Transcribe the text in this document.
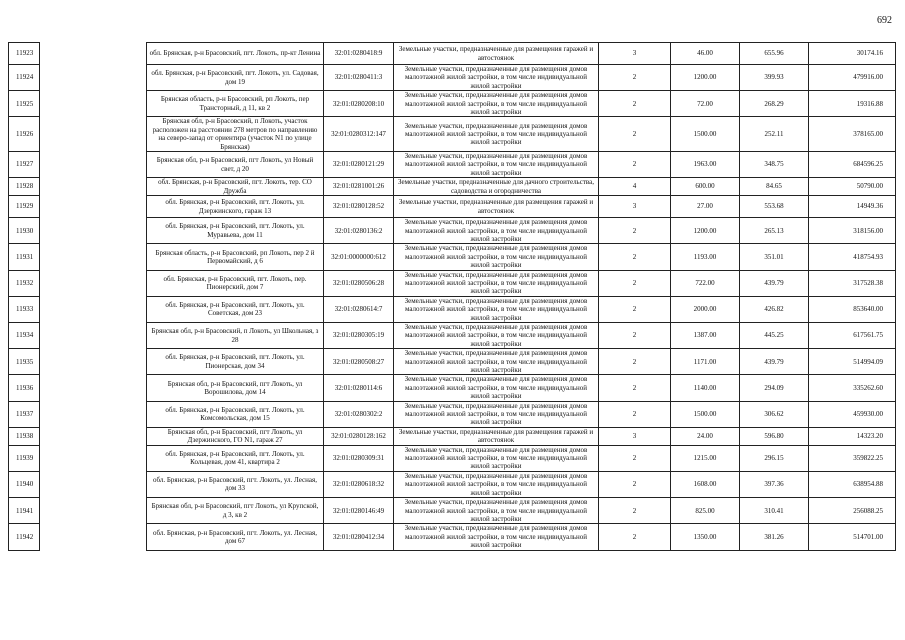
692
11923		обл. Брянская, р-н Брасовский, пгт. Локоть, пр-кт Ленина	32:01:0280418:9	Земельные участки, предназначенные для размещения гаражей и автостоянок	3	46.00	655.96	30174.16
11924		обл. Брянская, р-н Брасовский, пгт. Локоть, ул. Садовая, дом 19	32:01:0280411:3	Земельные участки, предназначенные для размещения домов малоэтажной жилой застройки, в том числе индивидуальной жилой застройки	2	1200.00	399.93	479916.00
11925		Брянская область, р-н Брасовский, рп Локоть, пер Трансторный, д 11, кв 2	32:01:0280208:10	Земельные участки, предназначенные для размещения домов малоэтажной жилой застройки, в том числе индивидуальной жилой застройки	2	72.00	268.29	19316.88
11926		Брянская обл, р-н Брасовский, п Локоть, участок расположен на расстоянии 278 метров по направлению на северо-запад от ориентира (участок N1 по улице Брянская)	32:01:0280312:147	Земельные участки, предназначенные для размещения домов малоэтажной жилой застройки, в том числе индивидуальной жилой застройки	2	1500.00	252.11	378165.00
11927		Брянская обл, р-н Брасовский, пгт Локоть, ул Новый свет, д 20	32:01:0280121:29	Земельные участки, предназначенные для размещения домов малоэтажной жилой застройки, в том числе индивидуальной жилой застройки	2	1963.00	348.75	684596.25
11928		обл. Брянская, р-н Брасовский, пгт. Локоть, тер. СО Дружба	32:01:0281001:26	Земельные участки, предназначенные для дачного строительства, садоводства и огородничества	4	600.00	84.65	50790.00
11929		обл. Брянская, р-н Брасовский, пгт. Локоть, ул. Дзержинского, гараж 13	32:01:0280128:52	Земельные участки, предназначенные для размещения гаражей и автостоянок	3	27.00	553.68	14949.36
11930		обл. Брянская, р-н Брасовский, пгт. Локоть, ул. Муравьева, дом 11	32:01:0280136:2	Земельные участки, предназначенные для размещения домов малоэтажной жилой застройки, в том числе индивидуальной жилой застройки	2	1200.00	265.13	318156.00
11931		Брянская область, р-н Брасовский, рп Локоть, пер 2 й Первомайский, д 6	32:01:0000000:612	Земельные участки, предназначенные для размещения домов малоэтажной жилой застройки, в том числе индивидуальной жилой застройки	2	1193.00	351.01	418754.93
11932		обл. Брянская, р-н Брасовский, пгт. Локоть, пер. Пионерский, дом 7	32:01:0280506:28	Земельные участки, предназначенные для размещения домов малоэтажной жилой застройки, в том числе индивидуальной жилой застройки	2	722.00	439.79	317528.38
11933		обл. Брянская, р-н Брасовский, пгт. Локоть, ул. Советская, дом 23	32:01:0280614:7	Земельные участки, предназначенные для размещения домов малоэтажной жилой застройки, в том числе индивидуальной жилой застройки	2	2000.00	426.82	853640.00
11934		Брянская обл, р-н Брасовский, п Локоть, ул Школьная, з 28	32:01:0280305:19	Земельные участки, предназначенные для размещения домов малоэтажной жилой застройки, в том числе индивидуальной жилой застройки	2	1387.00	445.25	617561.75
11935		обл. Брянская, р-н Брасовский, пгт. Локоть, ул. Пионерская, дом 34	32:01:0280508:27	Земельные участки, предназначенные для размещения домов малоэтажной жилой застройки, в том числе индивидуальной жилой застройки	2	1171.00	439.79	514994.09
11936		Брянская обл, р-н Брасовский, пгт Локоть, ул Ворошилова, дом 14	32:01:0280114:6	Земельные участки, предназначенные для размещения домов малоэтажной жилой застройки, в том числе индивидуальной жилой застройки	2	1140.00	294.09	335262.60
11937		обл. Брянская, р-н Брасовский, пгт. Локоть, ул. Комсомольская, дом 15	32:01:0280302:2	Земельные участки, предназначенные для размещения домов малоэтажной жилой застройки, в том числе индивидуальной жилой застройки	2	1500.00	306.62	459930.00
11938		Брянская обл, р-н Брасовский, пгт Локоть, ул Дзержинского, ГО N1, гараж 27	32:01:0280128:162	Земельные участки, предназначенные для размещения гаражей и автостоянок	3	24.00	596.80	14323.20
11939		обл. Брянская, р-н Брасовский, пгт. Локоть, ул. Кольцевая, дом 41, квартира 2	32:01:0280309:31	Земельные участки, предназначенные для размещения домов малоэтажной жилой застройки, в том числе индивидуальной жилой застройки	2	1215.00	296.15	359822.25
11940		обл. Брянская, р-н Брасовский, пгт. Локоть, ул. Лесная, дом 33	32:01:0280618:32	Земельные участки, предназначенные для размещения домов малоэтажной жилой застройки, в том числе индивидуальной жилой застройки	2	1608.00	397.36	638954.88
11941		Брянская обл, р-н Брасовский, пгт Локоть, ул Крупской, д 3, кв 2	32:01:0280146:49	Земельные участки, предназначенные для размещения домов малоэтажной жилой застройки, в том числе индивидуальной жилой застройки	2	825.00	310.41	256088.25
11942		обл. Брянская, р-н Брасовский, пгт. Локоть, ул. Лесная, дом 67	32:01:0280412:34	Земельные участки, предназначенные для размещения домов малоэтажной жилой застройки, в том числе индивидуальной жилой застройки	2	1350.00	381.26	514701.00
